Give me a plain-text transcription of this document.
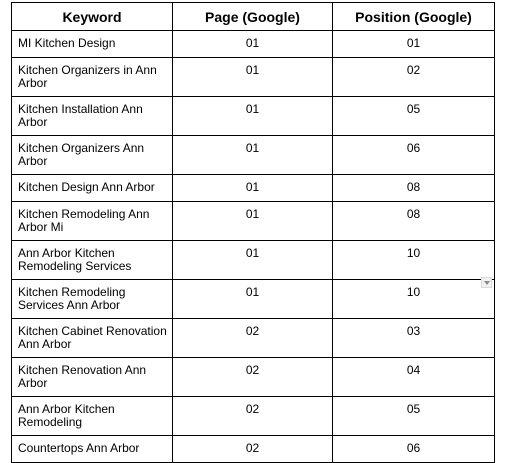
Keyword	Page (Google)	Position (Google)
MI Kitchen Design	01	01
Kitchen Organizers in Ann Arbor	01	02
Kitchen Installation Ann Arbor	01	05
Kitchen Organizers Ann Arbor	01	06
Kitchen Design Ann Arbor	01	08
Kitchen Remodeling Ann Arbor Mi	01	08
Ann Arbor Kitchen Remodeling Services	01	10
Kitchen Remodeling Services Ann Arbor	01	10
Kitchen Cabinet Renovation Ann Arbor	02	03
Kitchen Renovation Ann Arbor	02	04
Ann Arbor Kitchen Remodeling	02	05
Countertops Ann Arbor	02	06
